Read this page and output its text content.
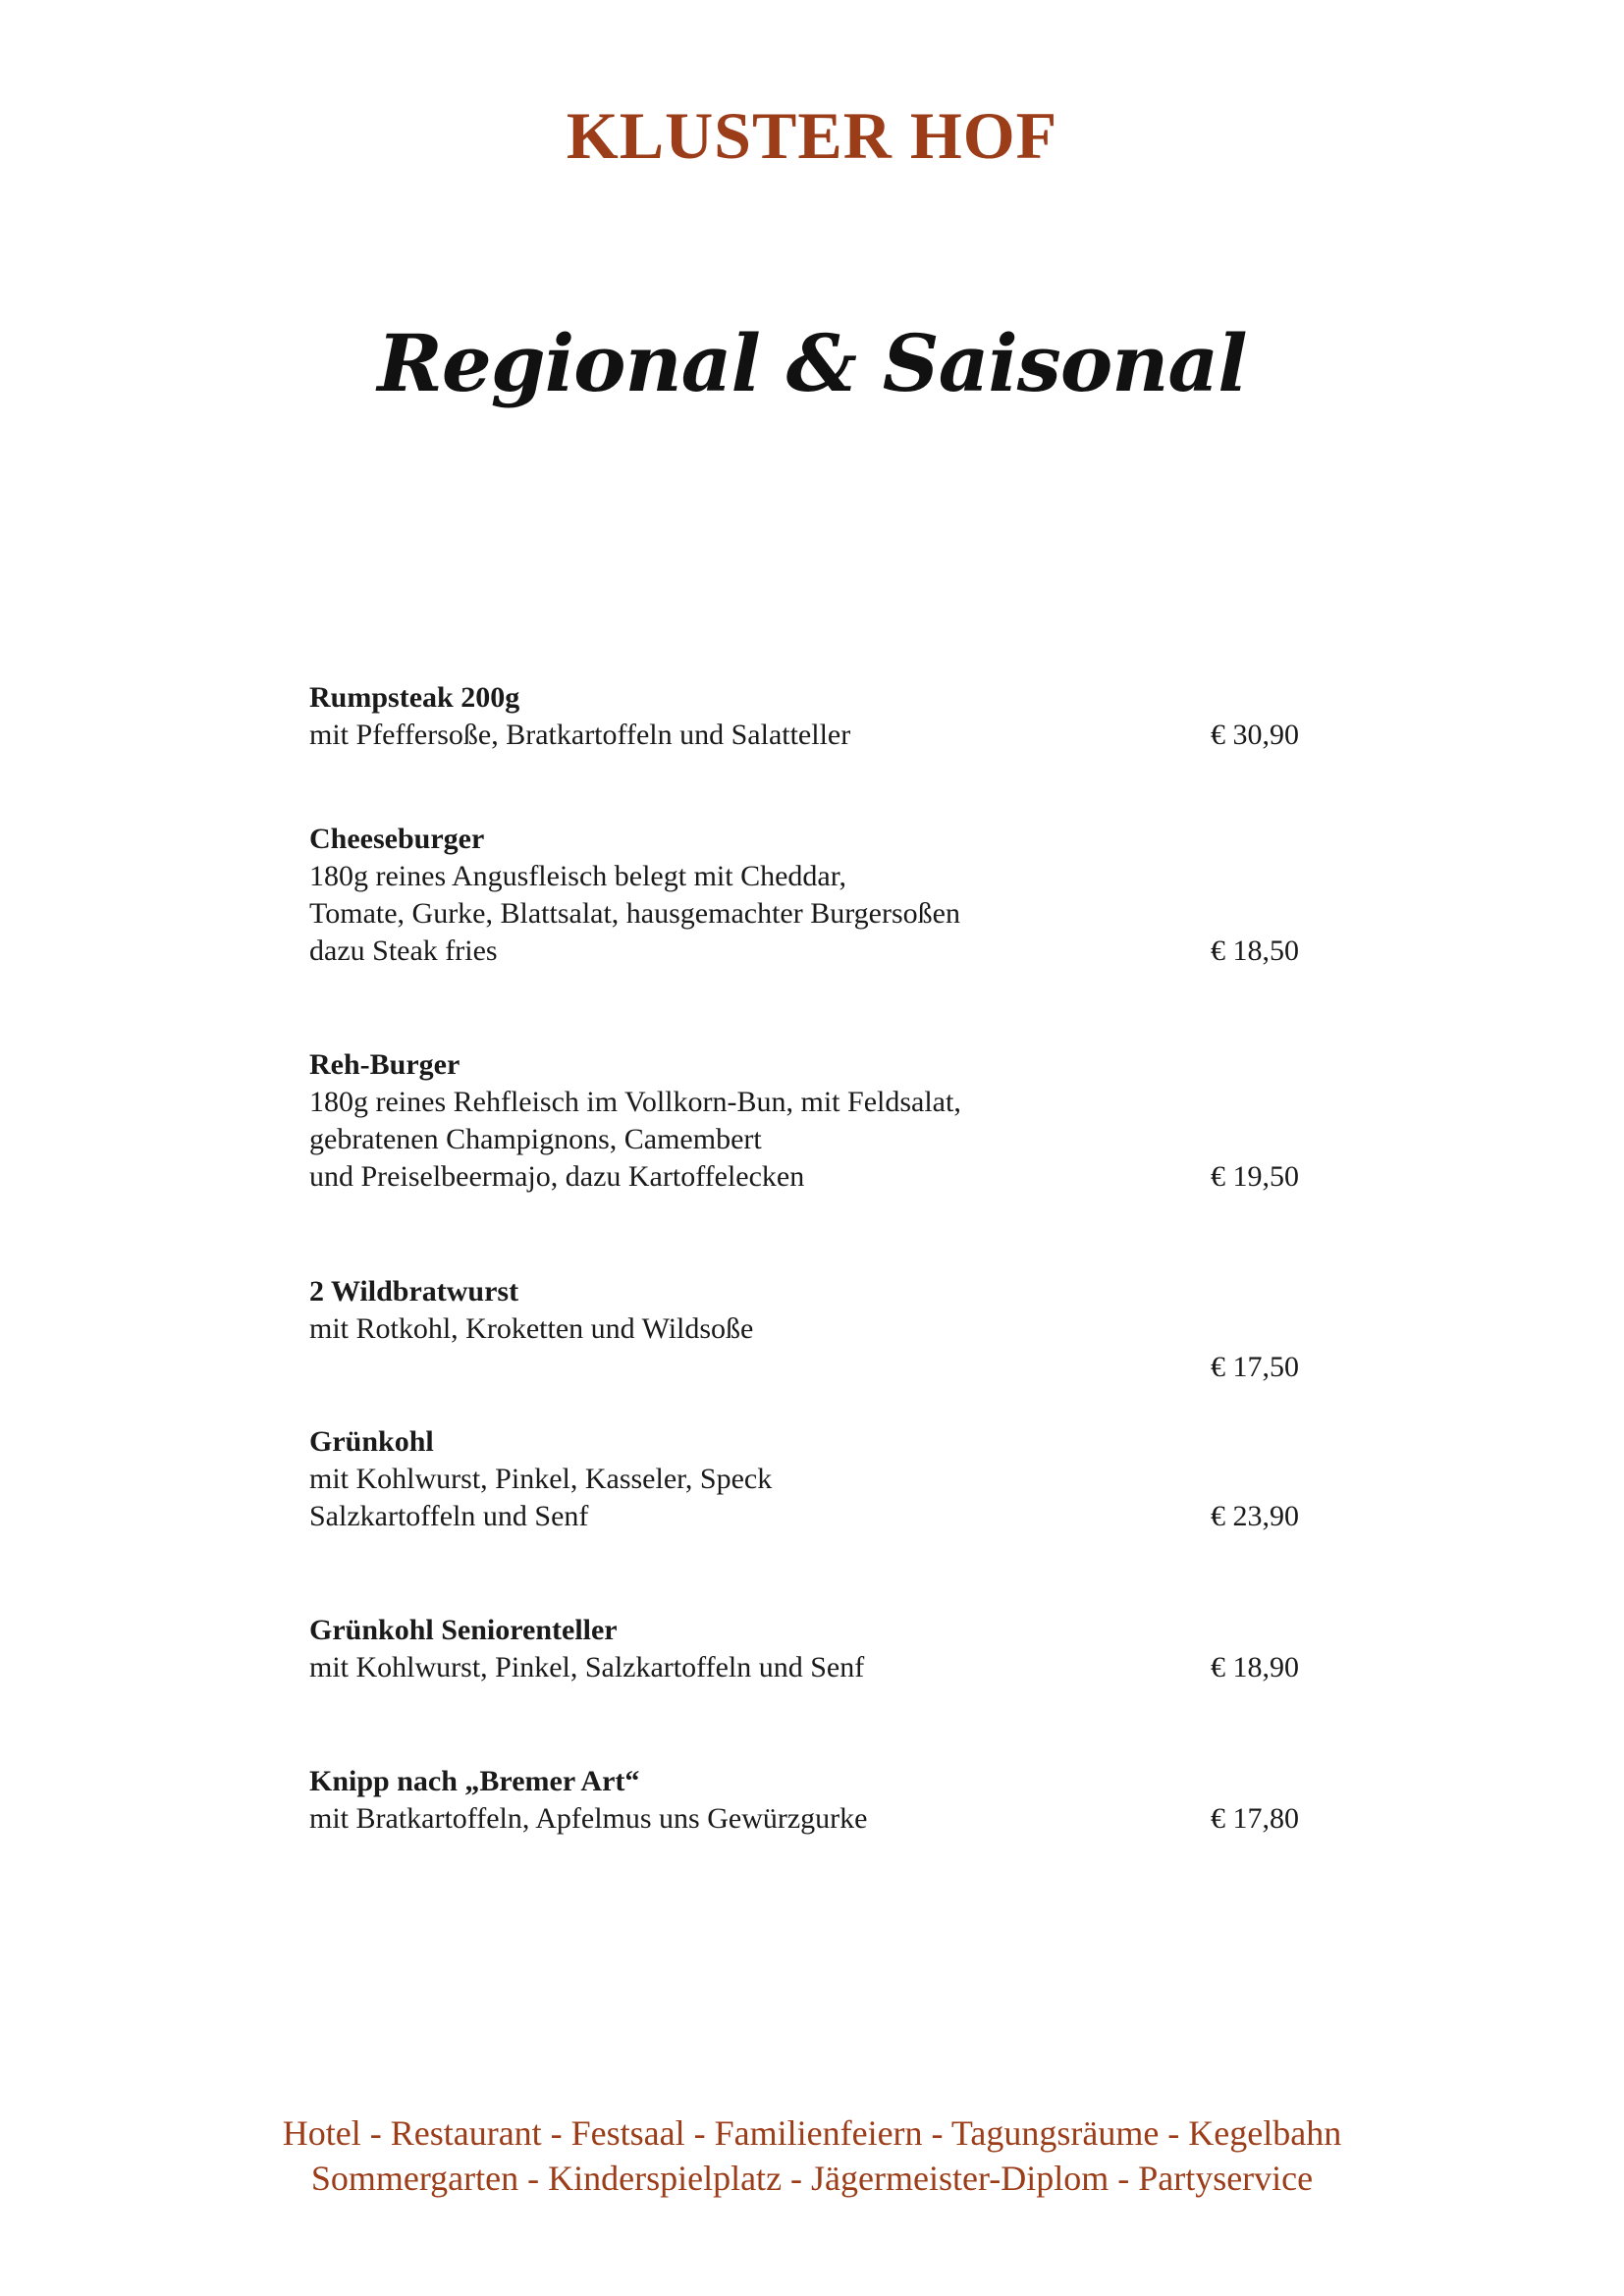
KLUSTER HOF
Regional & Saisonal
Rumpsteak 200g
mit Pfeffersoße, Bratkartoffeln und Salatteller	€ 30,90
Cheeseburger
180g reines Angusfleisch belegt mit Cheddar,
Tomate, Gurke, Blattsalat, hausgemachter Burgersoßen
dazu Steak fries	€ 18,50
Reh-Burger
180g reines Rehfleisch im Vollkorn-Bun, mit Feldsalat,
gebratenen Champignons, Camembert
und Preiselbeermajo, dazu Kartoffelecken	€ 19,50
2 Wildbratwurst
mit Rotkohl, Kroketten und Wildsoße
€ 17,50
Grünkohl
mit Kohlwurst, Pinkel, Kasseler, Speck
Salzkartoffeln und Senf	€ 23,90
Grünkohl Seniorenteller
mit Kohlwurst, Pinkel, Salzkartoffeln und Senf	€ 18,90
Knipp nach „Bremer Art“
mit Bratkartoffeln, Apfelmus uns Gewürzgurke	€ 17,80
Hotel - Restaurant - Festsaal - Familienfeiern - Tagungsräume - Kegelbahn
Sommergarten - Kinderspielplatz - Jägermeister-Diplom - Partyservice
